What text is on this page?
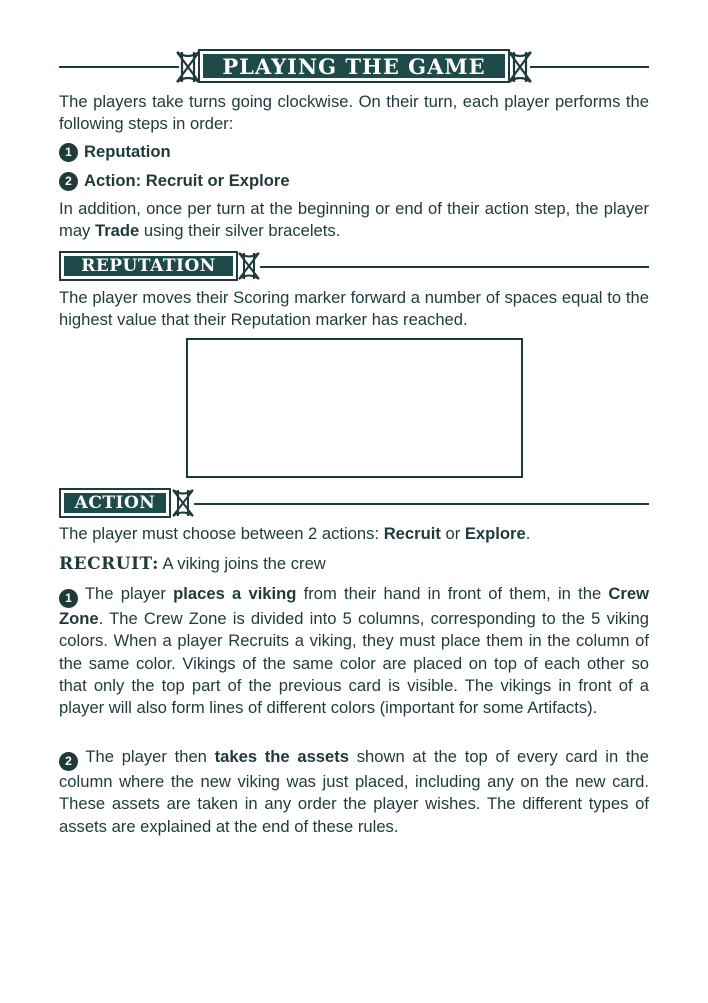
PLAYING THE GAME

The players take turns going clockwise. On their turn, each player performs the following steps in order:

1 Reputation
2 Action: Recruit or Explore

In addition, once per turn at the beginning or end of their action step, the player may Trade using their silver bracelets.

REPUTATION

The player moves their Scoring marker forward a number of spaces equal to the highest value that their Reputation marker has reached.

ACTION

The player must choose between 2 actions: Recruit or Explore.

RECRUIT: A viking joins the crew

1 The player places a viking from their hand in front of them, in the Crew Zone. The Crew Zone is divided into 5 columns, corresponding to the 5 viking colors. When a player Recruits a viking, they must place them in the column of the same color. Vikings of the same color are placed on top of each other so that only the top part of the previous card is visible. The vikings in front of a player will also form lines of different colors (important for some Artifacts).

2 The player then takes the assets shown at the top of every card in the column where the new viking was just placed, including any on the new card. These assets are taken in any order the player wishes. The different types of assets are explained at the end of these rules.
